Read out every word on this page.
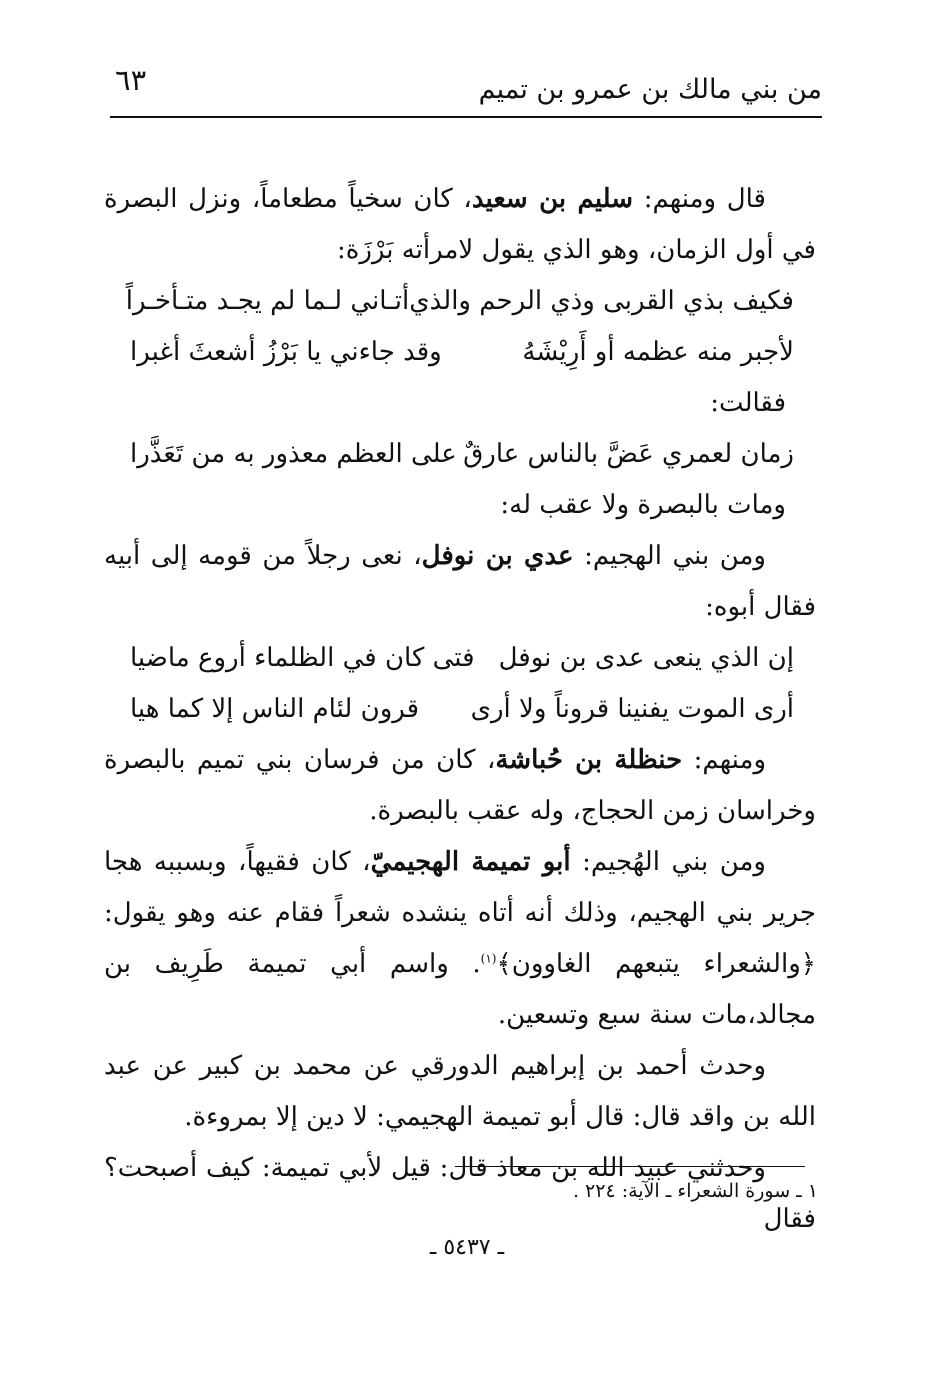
من بني مالك بن عمرو بن تميم
٦٣

قال ومنهم: سليم بن سعيد، كان سخياً مطعاماً، ونزل البصرة في أول الزمان، وهو الذي يقول لامرأته بَرْزَة:

فكيف بذي القربى وذي الرحم والذي
أتـاني لـما لم يجـد متـأخـراً
لأجبر منه عظمه أو أَرِيْشَهُ
وقد جاءني يا بَرْزُ أشعثَ أغبرا

فقالت:

زمان لعمري عَضَّ بالناس عارقٌ
على العظم معذور به من تَعَذَّرا

ومات بالبصرة ولا عقب له:

ومن بني الهجيم: عدي بن نوفل، نعى رجلاً من قومه إلى أبيه فقال أبوه:

إن الذي ينعى عدى بن نوفل
فتى كان في الظلماء أروع ماضيا
أرى الموت يفنينا قروناً ولا أرى
قرون لئام الناس إلا كما هيا

ومنهم: حنظلة بن حُباشة، كان من فرسان بني تميم بالبصرة وخراسان زمن الحجاج، وله عقب بالبصرة.

ومن بني الهُجيم: أبو تميمة الهجيميّ، كان فقيهاً، وبسببه هجا جرير بني الهجيم، وذلك أنه أتاه ينشده شعراً فقام عنه وهو يقول: ﴿والشعراء يتبعهم الغاوون﴾$^{(١)}$. واسم أبي تميمة طَرِيف بن مجالد،مات سنة سبع وتسعين.

وحدث أحمد بن إبراهيم الدورقي عن محمد بن كبير عن عبد الله بن واقد قال: قال أبو تميمة الهجيمي: لا دين إلا بمروءة.

وحدثني عبيد الله بن معاذ قال: قيل لأبي تميمة: كيف أصبحت؟ فقال

١ ـ سورة الشعراء ـ الآية: ٢٢٤ .
ـ ٥٤٣٧ ـ
